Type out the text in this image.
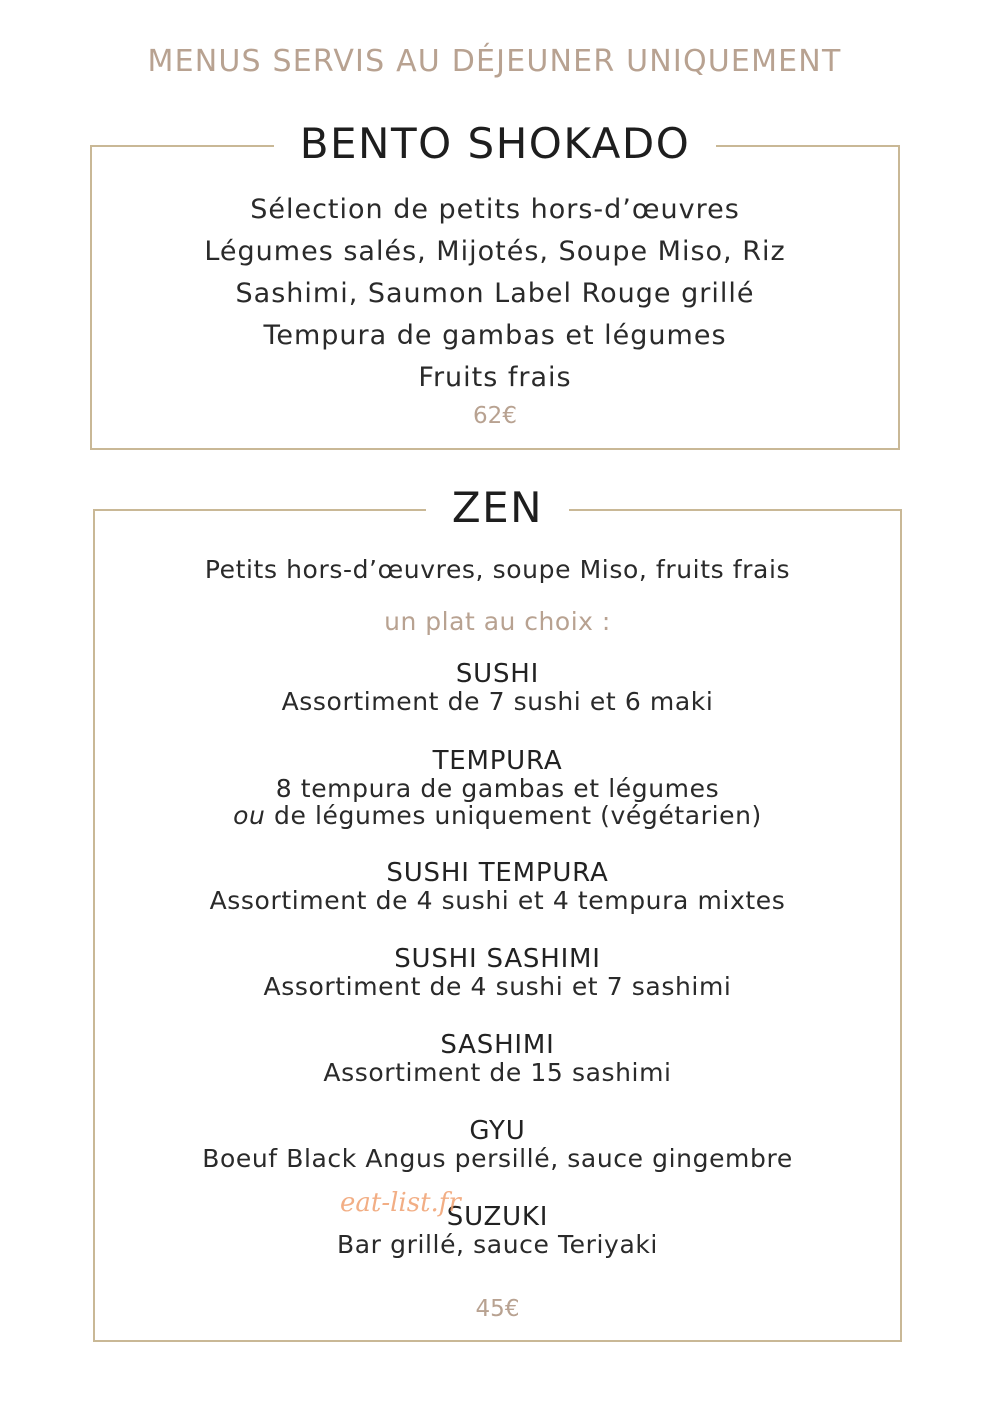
MENUS SERVIS AU DÉJEUNER UNIQUEMENT
BENTO SHOKADO
Sélection de petits hors-d’œuvres
Légumes salés, Mijotés, Soupe Miso, Riz
Sashimi, Saumon Label Rouge grillé
Tempura de gambas et légumes
Fruits frais
62€
ZEN
Petits hors-d’œuvres, soupe Miso, fruits frais
un plat au choix :
SUSHI
Assortiment de 7 sushi et 6 maki
TEMPURA
8 tempura de gambas et légumes
ou de légumes uniquement (végétarien)
SUSHI TEMPURA
Assortiment de 4 sushi et 4 tempura mixtes
SUSHI SASHIMI
Assortiment de 4 sushi et 7 sashimi
SASHIMI
Assortiment de 15 sashimi
GYU
Boeuf Black Angus persillé, sauce gingembre
SUZUKI
Bar grillé, sauce Teriyaki
45€
eat-list.fr
